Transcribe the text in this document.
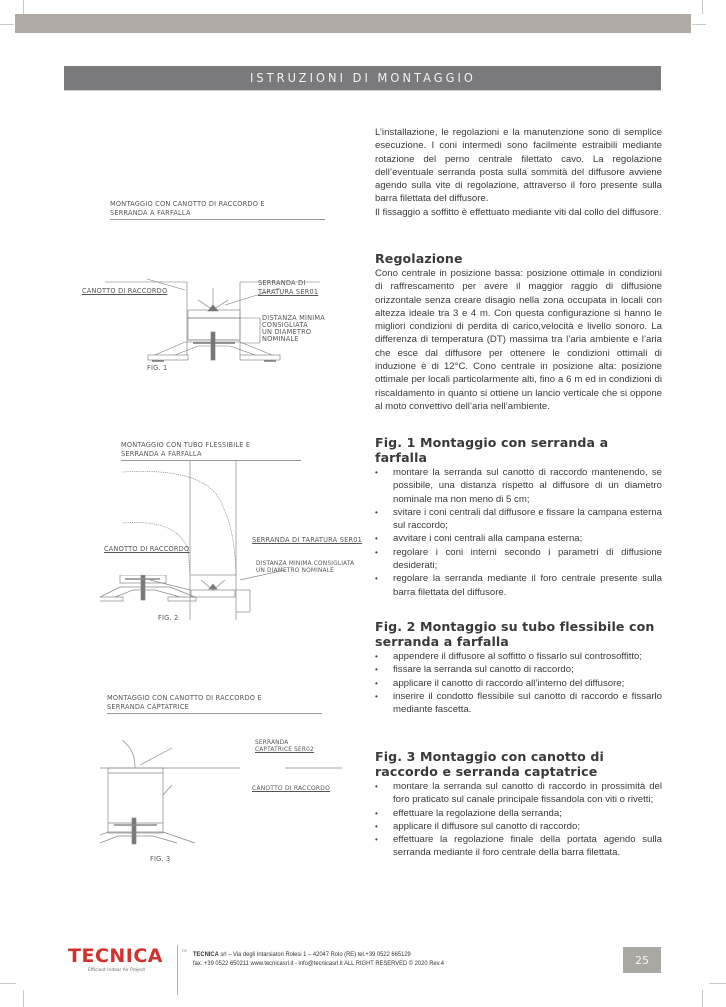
ISTRUZIONI DI MONTAGGIO

L’installazione, le regolazioni e la manutenzione sono di semplice esecuzione. I coni intermedi sono facilmente estraibili mediante rotazione del perno centrale filettato cavo. La regolazione dell’eventuale serranda posta sulla sommità del diffusore avviene agendo sulla vite di regolazione, attraverso il foro presente sulla barra filettata del diffusore.

Il fissaggio a soffitto è effettuato mediante viti dal collo del diffusore.

Regolazione

Cono centrale in posizione bassa: posizione ottimale in condizioni di raffrescamento per avere il maggior raggio di diffusione orizzontale senza creare disagio nella zona occupata in locali con altezza ideale tra 3 e 4 m. Con questa configurazione si hanno le migliori condizioni di perdita di carico,velocità e livello sonoro. La differenza di temperatura (DT) massima tra l’aria ambiente e l’aria che esce dal diffusore per ottenere le condizioni ottimali di induzione è di 12°C. Cono centrale in posizione alta: posizione ottimale per locali particolarmente alti, fino a 6 m ed in condizioni di riscaldamento in quanto si ottiene un lancio verticale che si oppone al moto convettivo dell’aria nell’ambiente.

Fig. 1 Montaggio con serranda a farfalla
• montare la serranda sul canotto di raccordo mantenendo, se possibile, una distanza rispetto al diffusore di un diametro nominale ma non meno di 5 cm;
• svitare i coni centrali dal diffusore e fissare la campana esterna sul raccordo;
• avvitare i coni centrali alla campana esterna;
• regolare i coni interni secondo i parametri di diffusione desiderati;
• regolare la serranda mediante il foro centrale presente sulla barra filettata del diffusore.
Fig. 2 Montaggio su tubo flessibile con serranda a farfalla
• appendere il diffusore al soffitto o fissarlo sul controsoffitto;
• fissare la serranda sul canotto di raccordo;
• applicare il canotto di raccordo all’interno del diffusore;
• inserire il condotto flessibile sul canotto di raccordo e fissarlo mediante fascetta.
Fig. 3 Montaggio con canotto di raccordo e serranda captatrice
• montare la serranda sul canotto di raccordo in prossimità del foro praticato sul canale principale fissandola con viti o rivetti;
• effettuare la regolazione della serranda;
• applicare il diffusore sul canotto di raccordo;
• effettuare la regolazione finale della portata agendo sulla serranda mediante il foro centrale della barra filettata.
MONTAGGIO CON CANOTTO DI RACCORDO E
SERRANDA A FARFALLA
CANOTTO DI RACCORDO
SERRANDA DI
TARATURA SER01
DISTANZA MINIMA
CONSIGLIATA
UN DIAMETRO
NOMINALE
FIG. 1
MONTAGGIO CON TUBO FLESSIBILE E
SERRANDA A FARFALLA
SERRANDA DI TARATURA SER01
CANOTTO DI RACCORDO
DISTANZA MINIMA CONSIGLIATA
UN DIAMETRO NOMINALE
FIG. 2
MONTAGGIO CON CANOTTO DI RACCORDO E
SERRANDA CAPTATRICE
SERRANDA
CAPTATRICE SER02
CANOTTO DI RACCORDO
FIG. 3
TECNICA	TM
Efficient Indoor Air Project
TECNICA srl – Via degli Intarsiatori Rolesi 1 – 42047 Rolo (RE) tel.+39 0522 665129
fax. +39 0522 650211 www.tecnicasrl.it - info@tecnicasrl.it ALL RIGHT RESERVED © 2020 Rev.4	25
